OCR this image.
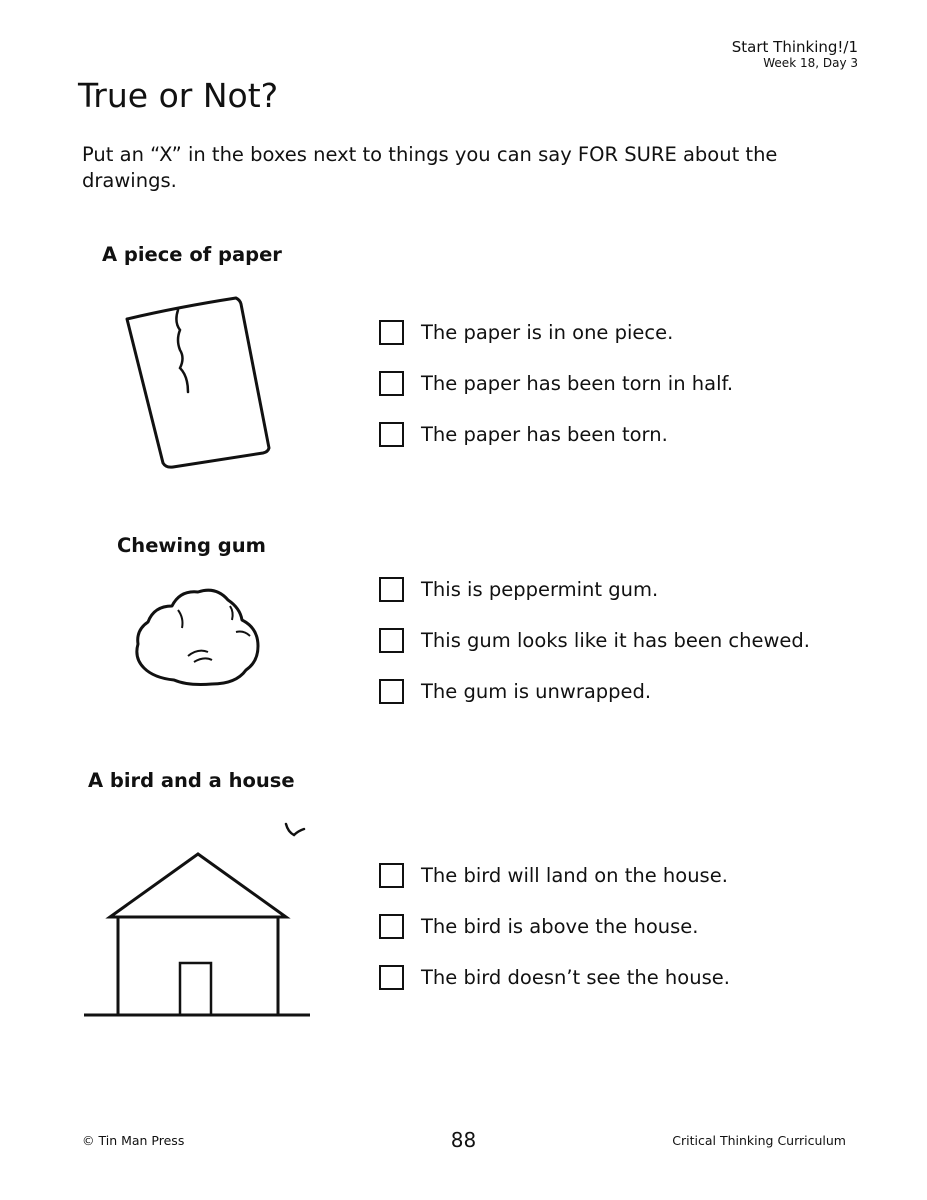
Start Thinking!/1
Week 18, Day 3
True or Not?
Put an “X” in the boxes next to things you can say FOR SURE about the drawings.
A piece of paper
The paper is in one piece.
The paper has been torn in half.
The paper has been torn.
Chewing gum
This is peppermint gum.
This gum looks like it has been chewed.
The gum is unwrapped.
A bird and a house
The bird will land on the house.
The bird is above the house.
The bird doesn’t see the house.
© Tin Man Press	88	Critical Thinking Curriculum
